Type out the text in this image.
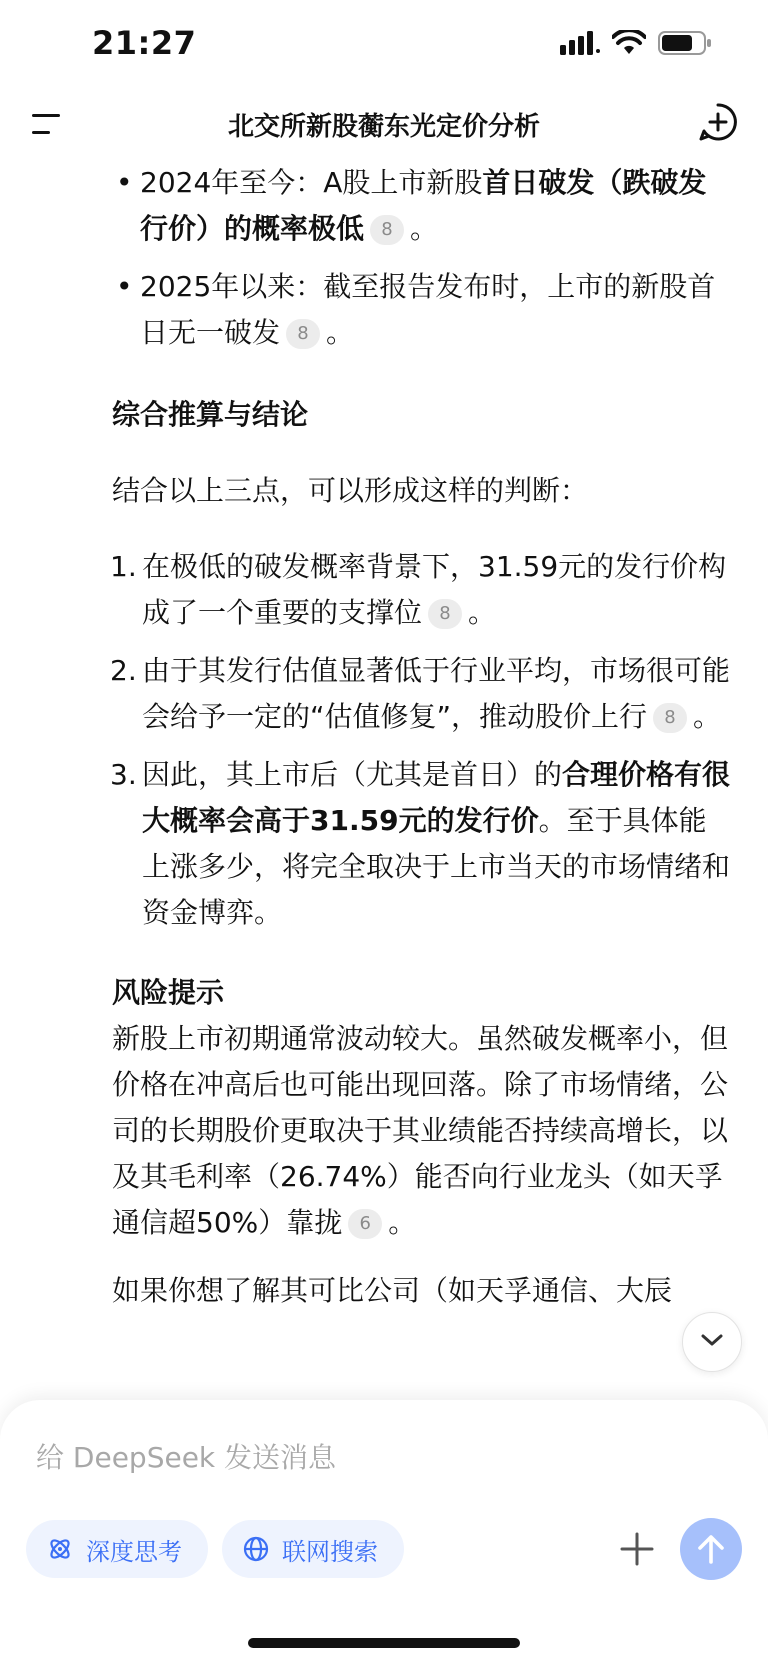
21:27
北交所新股蘅东光定价分析
• 2024年至今：A股上市新股首日破发（跌破发行价）的概率极低 8 。
• 2025年以来：截至报告发布时，上市的新股首日无一破发 8 。
综合推算与结论
结合以上三点，可以形成这样的判断：
1. 在极低的破发概率背景下，31.59元的发行价构成了一个重要的支撑位 8 。
2. 由于其发行估值显著低于行业平均，市场很可能会给予一定的“估值修复”，推动股价上行 8 。
3. 因此，其上市后（尤其是首日）的合理价格有很大概率会高于31.59元的发行价。至于具体能上涨多少，将完全取决于上市当天的市场情绪和资金博弈。
风险提示
新股上市初期通常波动较大。虽然破发概率小，但价格在冲高后也可能出现回落。除了市场情绪，公司的长期股价更取决于其业绩能否持续高增长，以及其毛利率（26.74%）能否向行业龙头（如天孚通信超50%）靠拢 6 。
如果你想了解其可比公司（如天孚通信、大辰
给 DeepSeek 发送消息
深度思考	联网搜索
